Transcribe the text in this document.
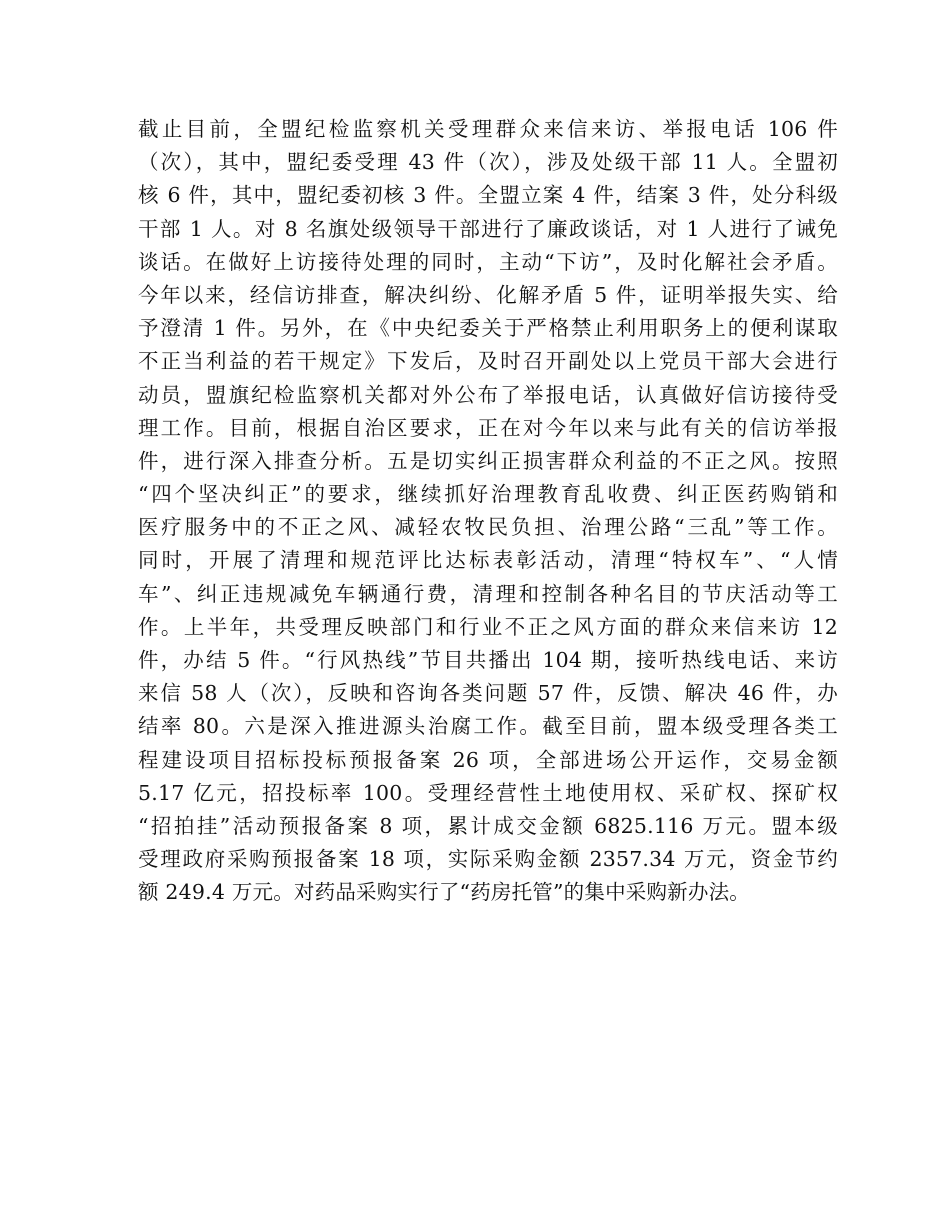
截止目前，全盟纪检监察机关受理群众来信来访、举报电话 106 件
（次），其中，盟纪委受理 43 件（次），涉及处级干部 11 人。全盟初
核 6 件，其中，盟纪委初核 3 件。全盟立案 4 件，结案 3 件，处分科级
干部 1 人。对 8 名旗处级领导干部进行了廉政谈话，对 1 人进行了诫免
谈话。在做好上访接待处理的同时，主动“下访”，及时化解社会矛盾。
今年以来，经信访排查，解决纠纷、化解矛盾 5 件，证明举报失实、给
予澄清 1 件。另外，在《中央纪委关于严格禁止利用职务上的便利谋取
不正当利益的若干规定》下发后，及时召开副处以上党员干部大会进行
动员，盟旗纪检监察机关都对外公布了举报电话，认真做好信访接待受
理工作。目前，根据自治区要求，正在对今年以来与此有关的信访举报
件，进行深入排查分析。五是切实纠正损害群众利益的不正之风。按照
“四个坚决纠正”的要求，继续抓好治理教育乱收费、纠正医药购销和
医疗服务中的不正之风、减轻农牧民负担、治理公路“三乱”等工作。
同时，开展了清理和规范评比达标表彰活动，清理“特权车”、“人情
车”、纠正违规减免车辆通行费，清理和控制各种名目的节庆活动等工
作。上半年，共受理反映部门和行业不正之风方面的群众来信来访 12
件，办结 5 件。“行风热线”节目共播出 104 期，接听热线电话、来访
来信 58 人（次），反映和咨询各类问题 57 件，反馈、解决 46 件，办
结率 80。六是深入推进源头治腐工作。截至目前，盟本级受理各类工
程建设项目招标投标预报备案 26 项，全部进场公开运作，交易金额
5.17 亿元，招投标率 100。受理经营性土地使用权、采矿权、探矿权
“招拍挂”活动预报备案 8 项，累计成交金额 6825.116 万元。盟本级
受理政府采购预报备案 18 项，实际采购金额 2357.34 万元，资金节约
额 249.4 万元。对药品采购实行了“药房托管”的集中采购新办法。
